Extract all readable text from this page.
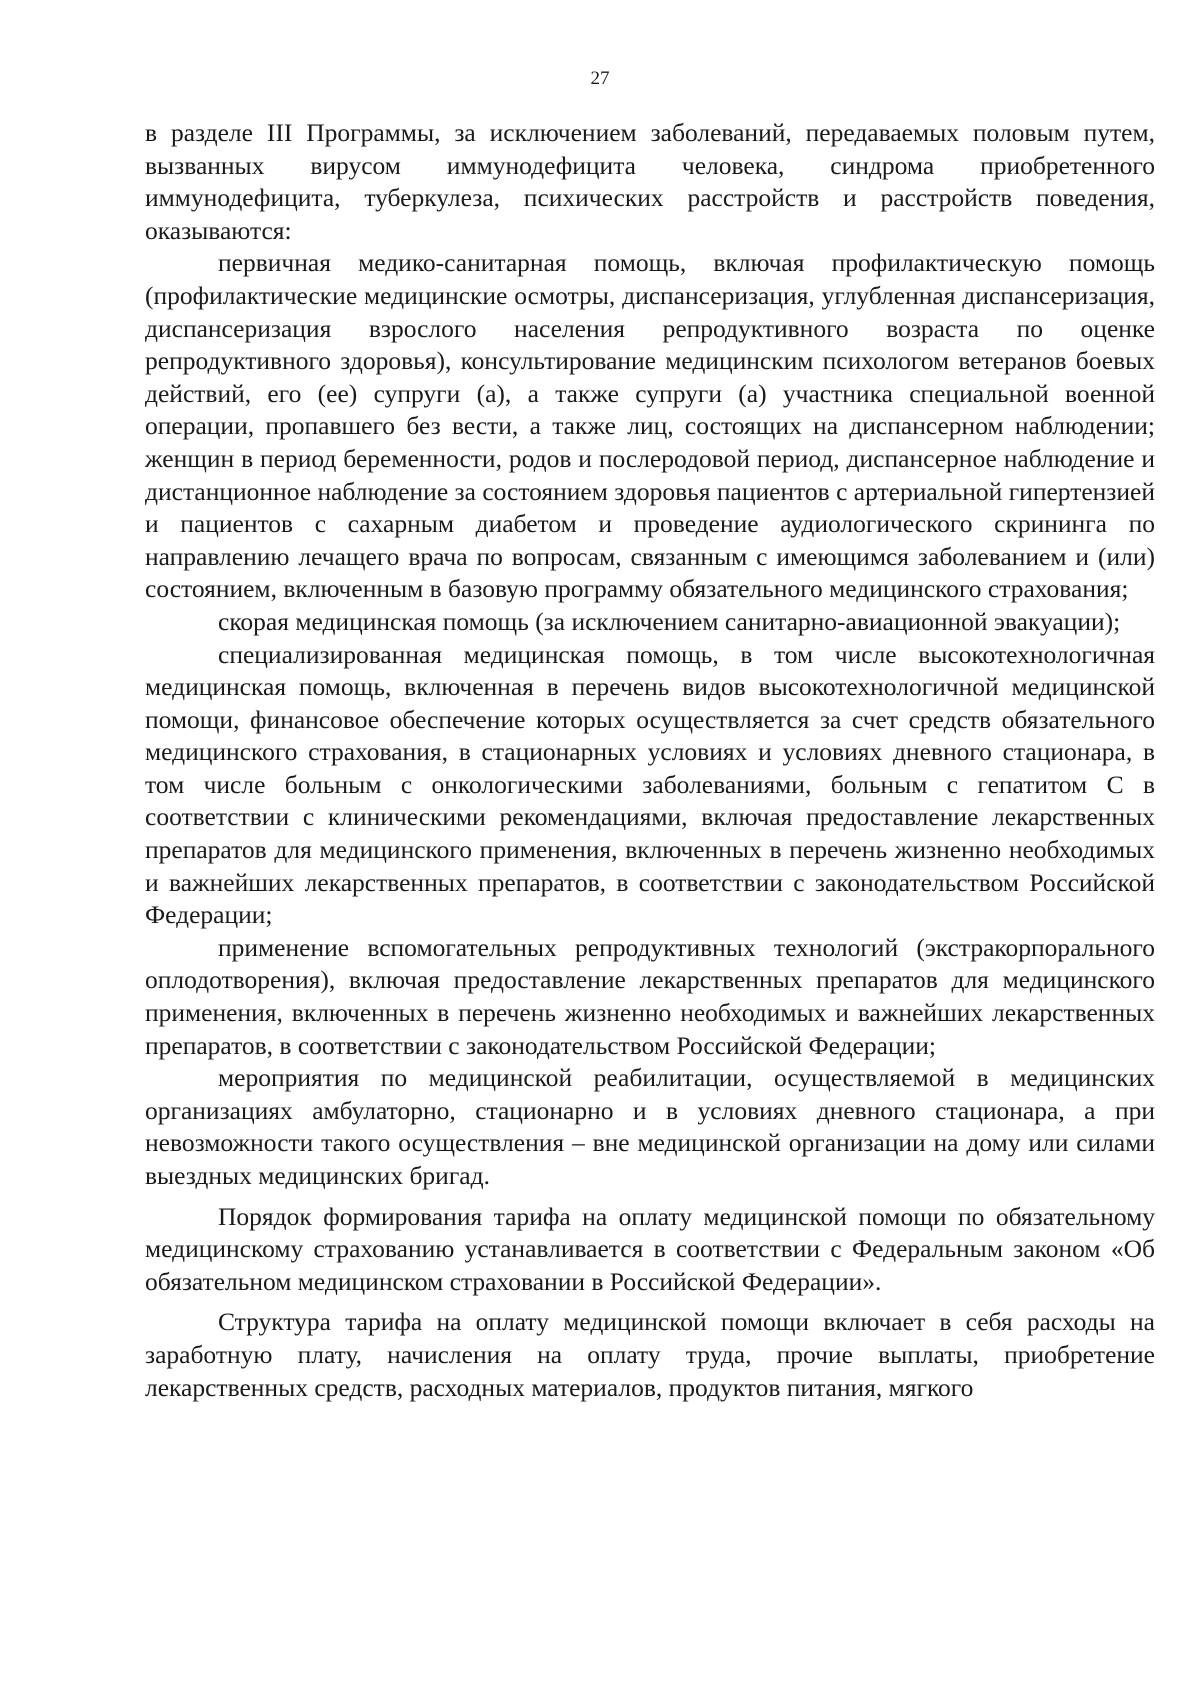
27

в разделе III Программы, за исключением заболеваний, передаваемых половым путем, вызванных вирусом иммунодефицита человека, синдрома приобретенного иммунодефицита, туберкулеза, психических расстройств и расстройств поведения, оказываются:

первичная медико-санитарная помощь, включая профилактическую помощь (профилактические медицинские осмотры, диспансеризация, углубленная диспансеризация, диспансеризация взрослого населения репродуктивного возраста по оценке репродуктивного здоровья), консультирование медицинским психологом ветеранов боевых действий, его (ее) супруги (а), а также супруги (а) участника специальной военной операции, пропавшего без вести, а также лиц, состоящих на диспансерном наблюдении; женщин в период беременности, родов и послеродовой период, диспансерное наблюдение и дистанционное наблюдение за состоянием здоровья пациентов с артериальной гипертензией и пациентов с сахарным диабетом и проведение аудиологического скрининга по направлению лечащего врача по вопросам, связанным с имеющимся заболеванием и (или) состоянием, включенным в базовую программу обязательного медицинского страхования;

скорая медицинская помощь (за исключением санитарно-авиационной эвакуации);

специализированная медицинская помощь, в том числе высокотехнологичная медицинская помощь, включенная в перечень видов высокотехнологичной медицинской помощи, финансовое обеспечение которых осуществляется за счет средств обязательного медицинского страхования, в стационарных условиях и условиях дневного стационара, в том числе больным с онкологическими заболеваниями, больным с гепатитом С в соответствии с клиническими рекомендациями, включая предоставление лекарственных препаратов для медицинского применения, включенных в перечень жизненно необходимых и важнейших лекарственных препаратов, в соответствии с законодательством Российской Федерации;

применение вспомогательных репродуктивных технологий (экстракорпорального оплодотворения), включая предоставление лекарственных препаратов для медицинского применения, включенных в перечень жизненно необходимых и важнейших лекарственных препаратов, в соответствии с законодательством Российской Федерации;

мероприятия по медицинской реабилитации, осуществляемой в медицинских организациях амбулаторно, стационарно и в условиях дневного стационара, а при невозможности такого осуществления – вне медицинской организации на дому или силами выездных медицинских бригад.

Порядок формирования тарифа на оплату медицинской помощи по обязательному медицинскому страхованию устанавливается в соответствии с Федеральным законом «Об обязательном медицинском страховании в Российской Федерации».

Структура тарифа на оплату медицинской помощи включает в себя расходы на заработную плату, начисления на оплату труда, прочие выплаты, приобретение лекарственных средств, расходных материалов, продуктов питания, мягкого
